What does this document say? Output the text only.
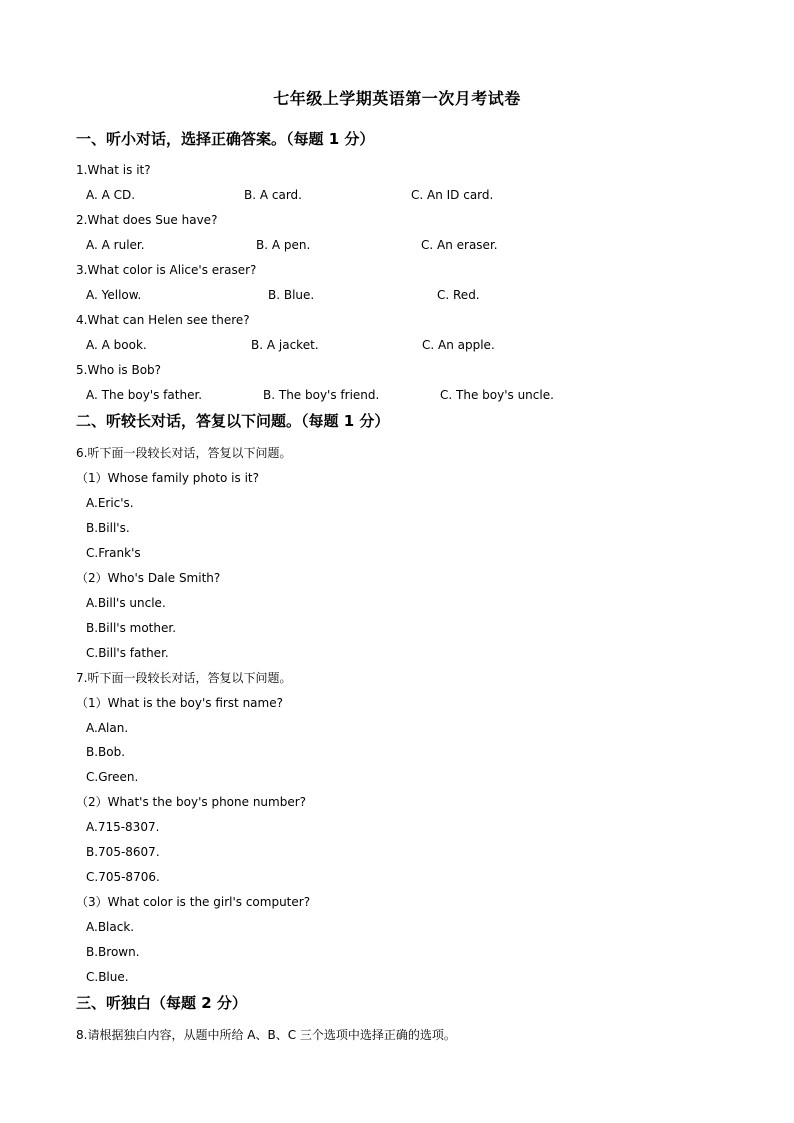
七年级上学期英语第一次月考试卷
一、听小对话，选择正确答案。（每题 1 分）
1.What is it?
A. A CD.	B. A card.	C. An ID card.
2.What does Sue have?
A. A ruler.	B. A pen.	C. An eraser.
3.What color is Alice's eraser?
A. Yellow.	B. Blue.	C. Red.
4.What can Helen see there?
A. A book.	B. A jacket.	C. An apple.
5.Who is Bob?
A. The boy's father.	B. The boy's friend.	C. The boy's uncle.
二、听较长对话，答复以下问题。（每题 1 分）
6.听下面一段较长对话，答复以下问题。
（1）Whose family photo is it?
A.Eric's.
B.Bill's.
C.Frank's
（2）Who's Dale Smith?
A.Bill's uncle.
B.Bill's mother.
C.Bill's father.
7.听下面一段较长对话，答复以下问题。
（1）What is the boy's first name?
A.Alan.
B.Bob.
C.Green.
（2）What's the boy's phone number?
A.715-8307.
B.705-8607.
C.705-8706.
（3）What color is the girl's computer?
A.Black.
B.Brown.
C.Blue.
三、听独白（每题 2 分）
8.请根据独白内容，从题中所给 A、B、C 三个选项中选择正确的选项。
